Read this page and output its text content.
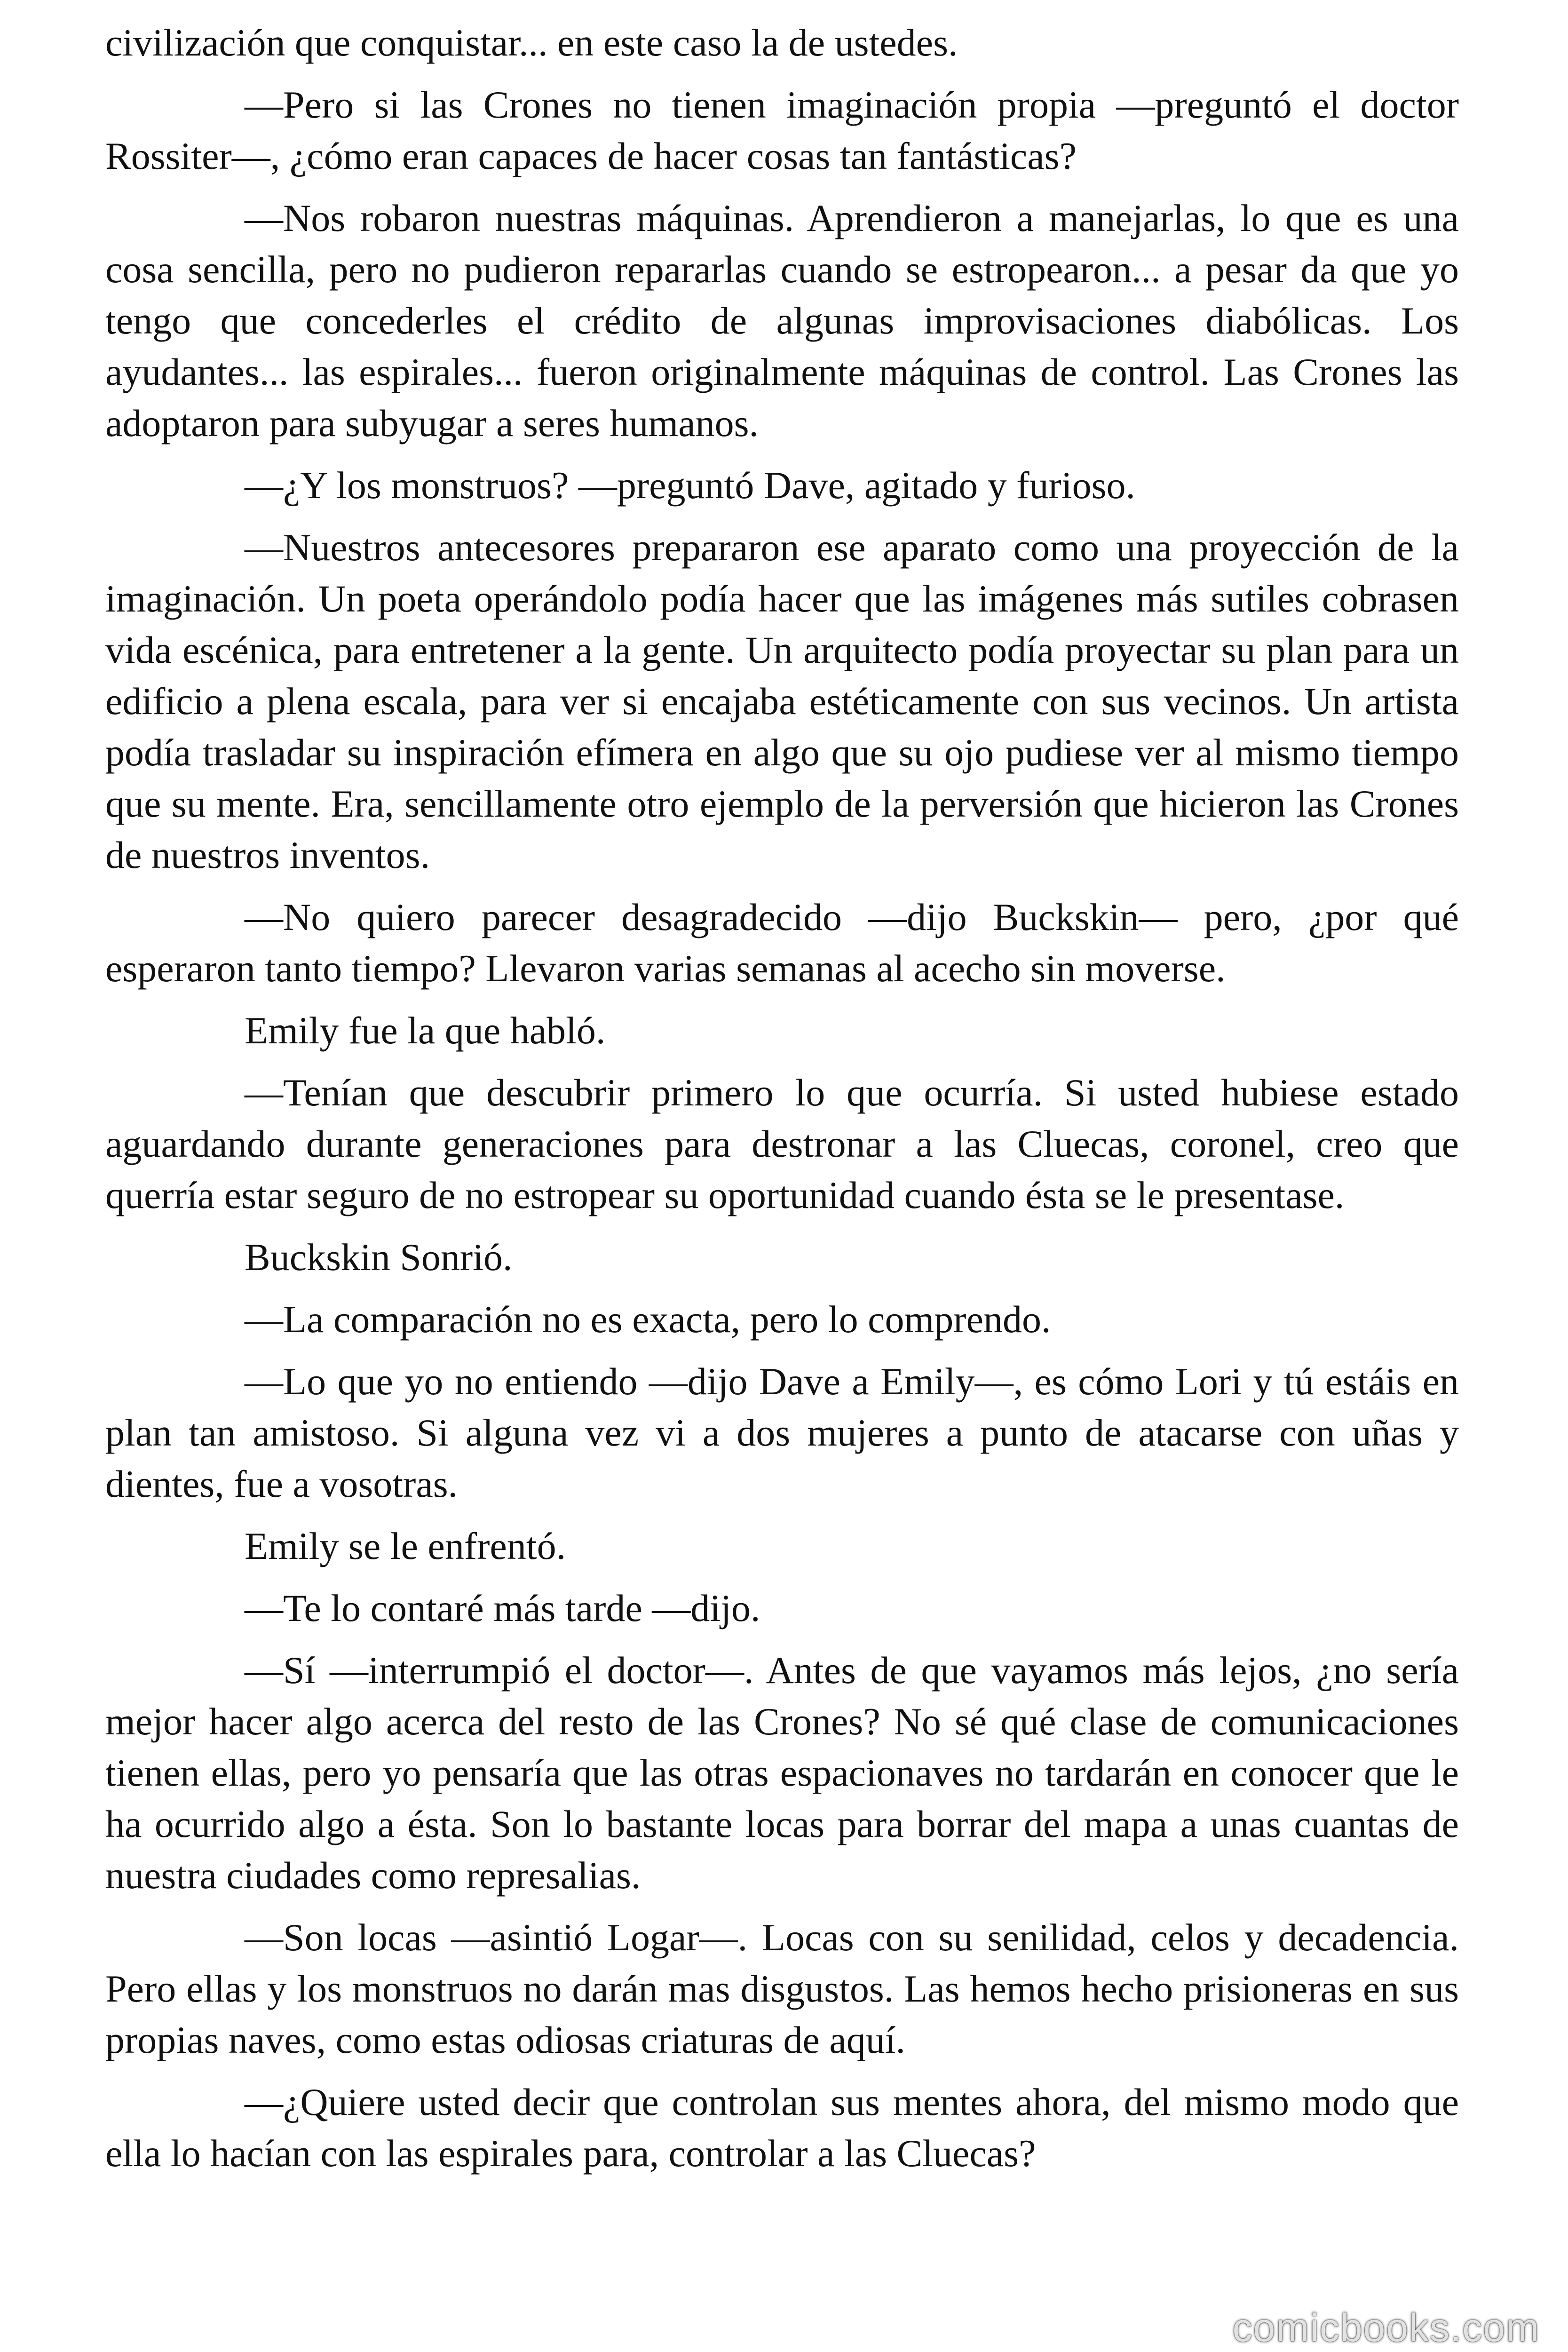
civilización que conquistar... en este caso la de ustedes.

—Pero si las Crones no tienen imaginación propia —preguntó el doctor Rossiter—, ¿cómo eran capaces de hacer cosas tan fantásticas?

—Nos robaron nuestras máquinas. Aprendieron a manejarlas, lo que es una cosa sencilla, pero no pudieron repararlas cuando se estropearon... a pesar da que yo tengo que concederles el crédito de algunas improvisaciones diabólicas. Los ayudantes... las espirales... fueron originalmente máquinas de control. Las Crones las adoptaron para subyugar a seres humanos.

—¿Y los monstruos? —preguntó Dave, agitado y furioso.

—Nuestros antecesores prepararon ese aparato como una proyección de la imaginación. Un poeta operándolo podía hacer que las imágenes más sutiles cobrasen vida escénica, para entretener a la gente. Un arquitecto podía proyectar su plan para un edificio a plena escala, para ver si encajaba estéticamente con sus vecinos. Un artista podía trasladar su inspiración efímera en algo que su ojo pudiese ver al mismo tiempo que su mente. Era, sencillamente otro ejemplo de la perversión que hicieron las Crones de nuestros inventos.

—No quiero parecer desagradecido —dijo Buckskin— pero, ¿por qué esperaron tanto tiempo? Llevaron varias semanas al acecho sin moverse.

Emily fue la que habló.

—Tenían que descubrir primero lo que ocurría. Si usted hubiese estado aguardando durante generaciones para destronar a las Cluecas, coronel, creo que querría estar seguro de no estropear su oportunidad cuando ésta se le presentase.

Buckskin Sonrió.

—La comparación no es exacta, pero lo comprendo.

—Lo que yo no entiendo —dijo Dave a Emily—, es cómo Lori y tú estáis en plan tan amistoso. Si alguna vez vi a dos mujeres a punto de atacarse con uñas y dientes, fue a vosotras.

Emily se le enfrentó.

—Te lo contaré más tarde —dijo.

—Sí —interrumpió el doctor—. Antes de que vayamos más lejos, ¿no sería mejor hacer algo acerca del resto de las Crones? No sé qué clase de comunicaciones tienen ellas, pero yo pensaría que las otras espacionaves no tardarán en conocer que le ha ocurrido algo a ésta. Son lo bastante locas para borrar del mapa a unas cuantas de nuestra ciudades como represalias.

—Son locas —asintió Logar—. Locas con su senilidad, celos y decadencia. Pero ellas y los monstruos no darán mas disgustos. Las hemos hecho prisioneras en sus propias naves, como estas odiosas criaturas de aquí.

—¿Quiere usted decir que controlan sus mentes ahora, del mismo modo que ella lo hacían con las espirales para, controlar a las Cluecas?

comicbooks.com
